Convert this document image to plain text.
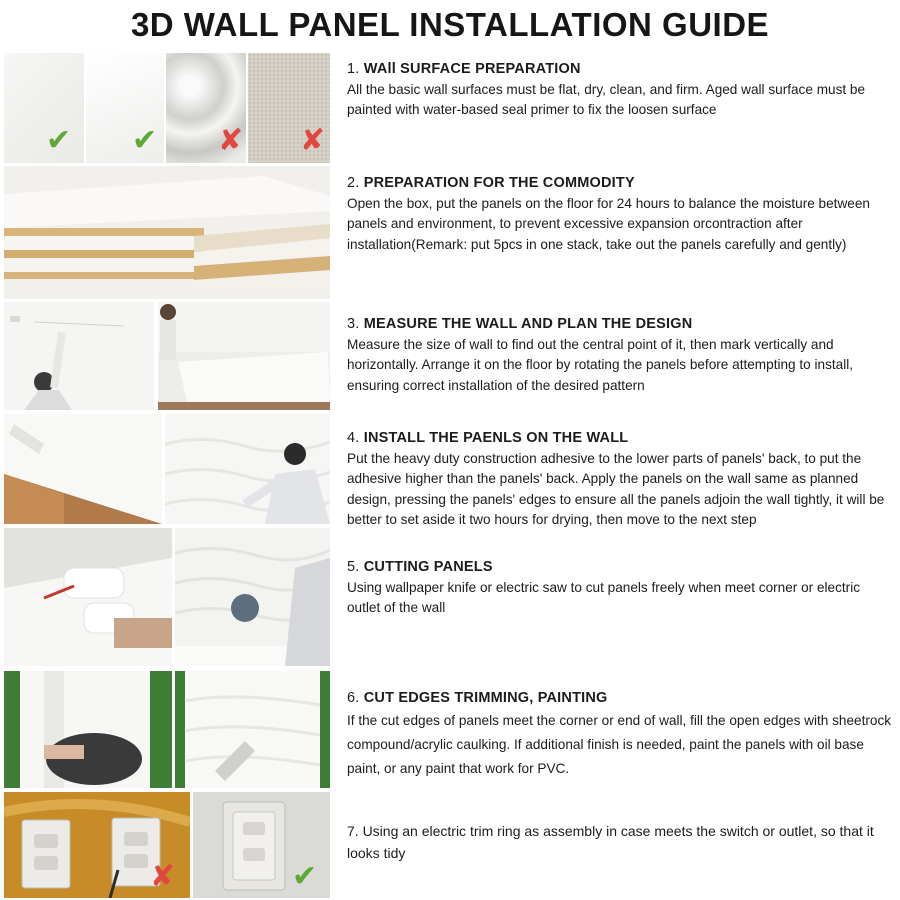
3D WALL PANEL INSTALLATION GUIDE
✔ ✔ ✘ ✘
✘	✔
1. WAll SURFACE PREPARATION

All the basic wall surfaces must be flat, dry, clean, and firm. Aged wall surface must be painted with water-based seal primer to fix the loosen surface

2. PREPARATION FOR THE COMMODITY

Open the box, put the panels on the floor for 24 hours to balance the moisture between panels and environment, to prevent excessive expansion orcontraction after installation(Remark: put 5pcs in one stack, take out the panels carefully and gently)

3. MEASURE THE WALL AND PLAN THE DESIGN

Measure the size of wall to find out the central point of it, then mark vertically and horizontally. Arrange it on the floor by rotating the panels before attempting to install, ensuring correct installation of the desired pattern

4. INSTALL THE PAENLS ON THE WALL

Put the heavy duty construction adhesive to the lower parts of panels' back, to put the adhesive higher than the panels' back. Apply the panels on the wall same as planned design, pressing the panels' edges to ensure all the panels adjoin the wall tightly, it will be better to set aside it two hours for drying, then move to the next step

5. CUTTING PANELS

Using wallpaper knife or electric saw to cut panels freely when meet corner or electric outlet of the wall

6. CUT EDGES TRIMMING, PAINTING

If the cut edges of panels meet the corner or end of wall, fill the open edges with sheetrock compound/acrylic caulking. If additional finish is needed, paint the panels with oil base paint, or any paint that work for PVC.

7. Using an electric trim ring as assembly in case meets the switch or outlet, so that it looks tidy
